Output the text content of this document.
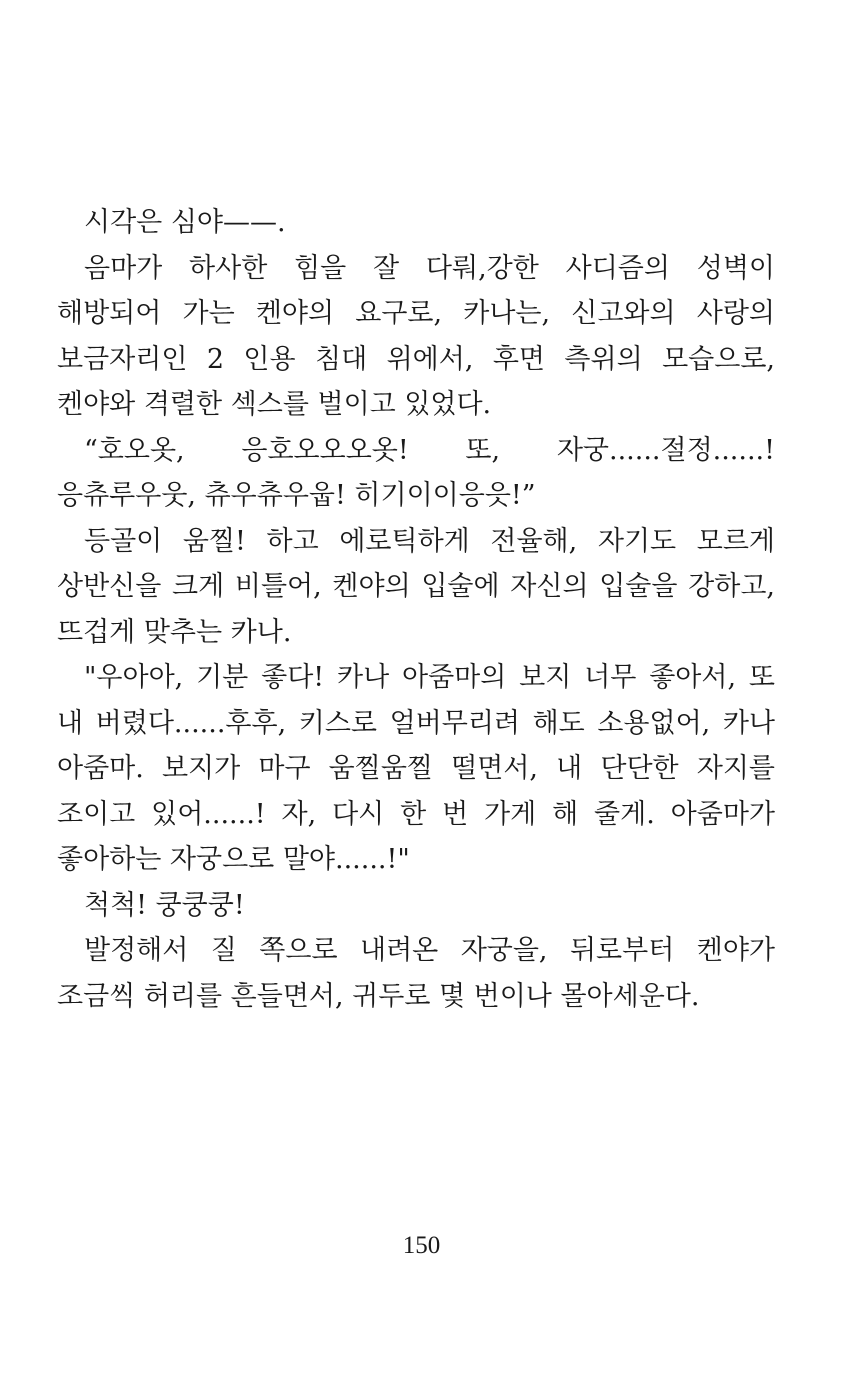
시각은 심야——.

음마가 하사한 힘을 잘 다뤄,강한 사디즘의 성벽이 해방되어 가는 켄야의 요구로, 카나는, 신고와의 사랑의 보금자리인 2 인용 침대 위에서, 후면 측위의 모습으로, 켄야와 격렬한 섹스를 벌이고 있었다.

“호오옷, 응호오오오옷! 또, 자궁......절정......! 응츄루우웃, 츄우츄우웁! 히기이이응읏!”

등골이 움찔! 하고 에로틱하게 전율해, 자기도 모르게 상반신을 크게 비틀어, 켄야의 입술에 자신의 입술을 강하고, 뜨겁게 맞추는 카나.

"우아아, 기분 좋다! 카나 아줌마의 보지 너무 좋아서, 또 내 버렸다......후후, 키스로 얼버무리려 해도 소용없어, 카나 아줌마. 보지가 마구 움찔움찔 떨면서, 내 단단한 자지를 조이고 있어......! 자, 다시 한 번 가게 해 줄게. 아줌마가 좋아하는 자궁으로 말야......!"

척척! 쿵쿵쿵!

발정해서 질 쪽으로 내려온 자궁을, 뒤로부터 켄야가 조금씩 허리를 흔들면서, 귀두로 몇 번이나 몰아세운다.

150
